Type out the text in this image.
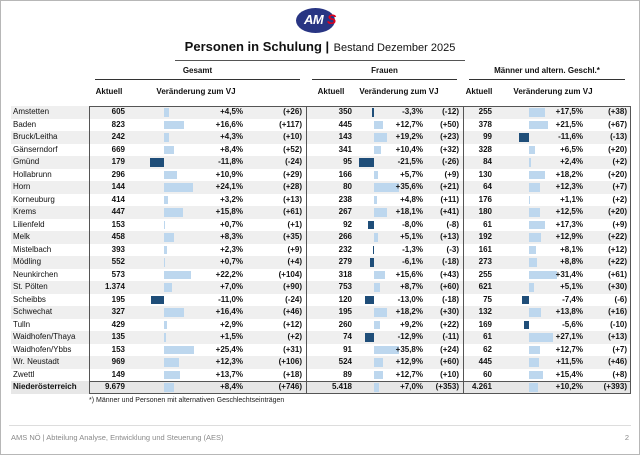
AM S
Personen in Schulung | Bestand Dezember 2025
Gesamt	Frauen	Männer und altern. Geschl.*
Aktuell	Veränderung zum VJ	Aktuell	Veränderung zum VJ	Aktuell	Veränderung zum VJ
Amstetten	605	+4,5%	(+26)	350	-3,3%	(-12)	255	+17,5%	(+38)
Baden	823	+16,6%	(+117)	445	+12,7%	(+50)	378	+21,5%	(+67)
Bruck/Leitha	242	+4,3%	(+10)	143	+19,2%	(+23)	99	-11,6%	(-13)
Gänserndorf	669	+8,4%	(+52)	341	+10,4%	(+32)	328	+6,5%	(+20)
Gmünd	179	-11,8%	(-24)	95	-21,5%	(-26)	84	+2,4%	(+2)
Hollabrunn	296	+10,9%	(+29)	166	+5,7%	(+9)	130	+18,2%	(+20)
Horn	144	+24,1%	(+28)	80	+35,6%	(+21)	64	+12,3%	(+7)
Korneuburg	414	+3,2%	(+13)	238	+4,8%	(+11)	176	+1,1%	(+2)
Krems	447	+15,8%	(+61)	267	+18,1%	(+41)	180	+12,5%	(+20)
Lilienfeld	153	+0,7%	(+1)	92	-8,0%	(-8)	61	+17,3%	(+9)
Melk	458	+8,3%	(+35)	266	+5,1%	(+13)	192	+12,9%	(+22)
Mistelbach	393	+2,3%	(+9)	232	-1,3%	(-3)	161	+8,1%	(+12)
Mödling	552	+0,7%	(+4)	279	-6,1%	(-18)	273	+8,8%	(+22)
Neunkirchen	573	+22,2%	(+104)	318	+15,6%	(+43)	255	+31,4%	(+61)
St. Pölten	1.374	+7,0%	(+90)	753	+8,7%	(+60)	621	+5,1%	(+30)
Scheibbs	195	-11,0%	(-24)	120	-13,0%	(-18)	75	-7,4%	(-6)
Schwechat	327	+16,4%	(+46)	195	+18,2%	(+30)	132	+13,8%	(+16)
Tulln	429	+2,9%	(+12)	260	+9,2%	(+22)	169	-5,6%	(-10)
Waidhofen/Thaya	135	+1,5%	(+2)	74	-12,9%	(-11)	61	+27,1%	(+13)
Waidhofen/Ybbs	153	+25,4%	(+31)	91	+35,8%	(+24)	62	+12,7%	(+7)
Wr. Neustadt	969	+12,3%	(+106)	524	+12,9%	(+60)	445	+11,5%	(+46)
Zwettl	149	+13,7%	(+18)	89	+12,7%	(+10)	60	+15,4%	(+8)
Niederösterreich	9.679	+8,4%	(+746)	5.418	+7,0%	(+353)	4.261	+10,2%	(+393)
*) Männer und Personen mit alternativen Geschlechtseinträgen
AMS NÖ | Abteilung Analyse, Entwicklung und Steuerung (AES)	2
